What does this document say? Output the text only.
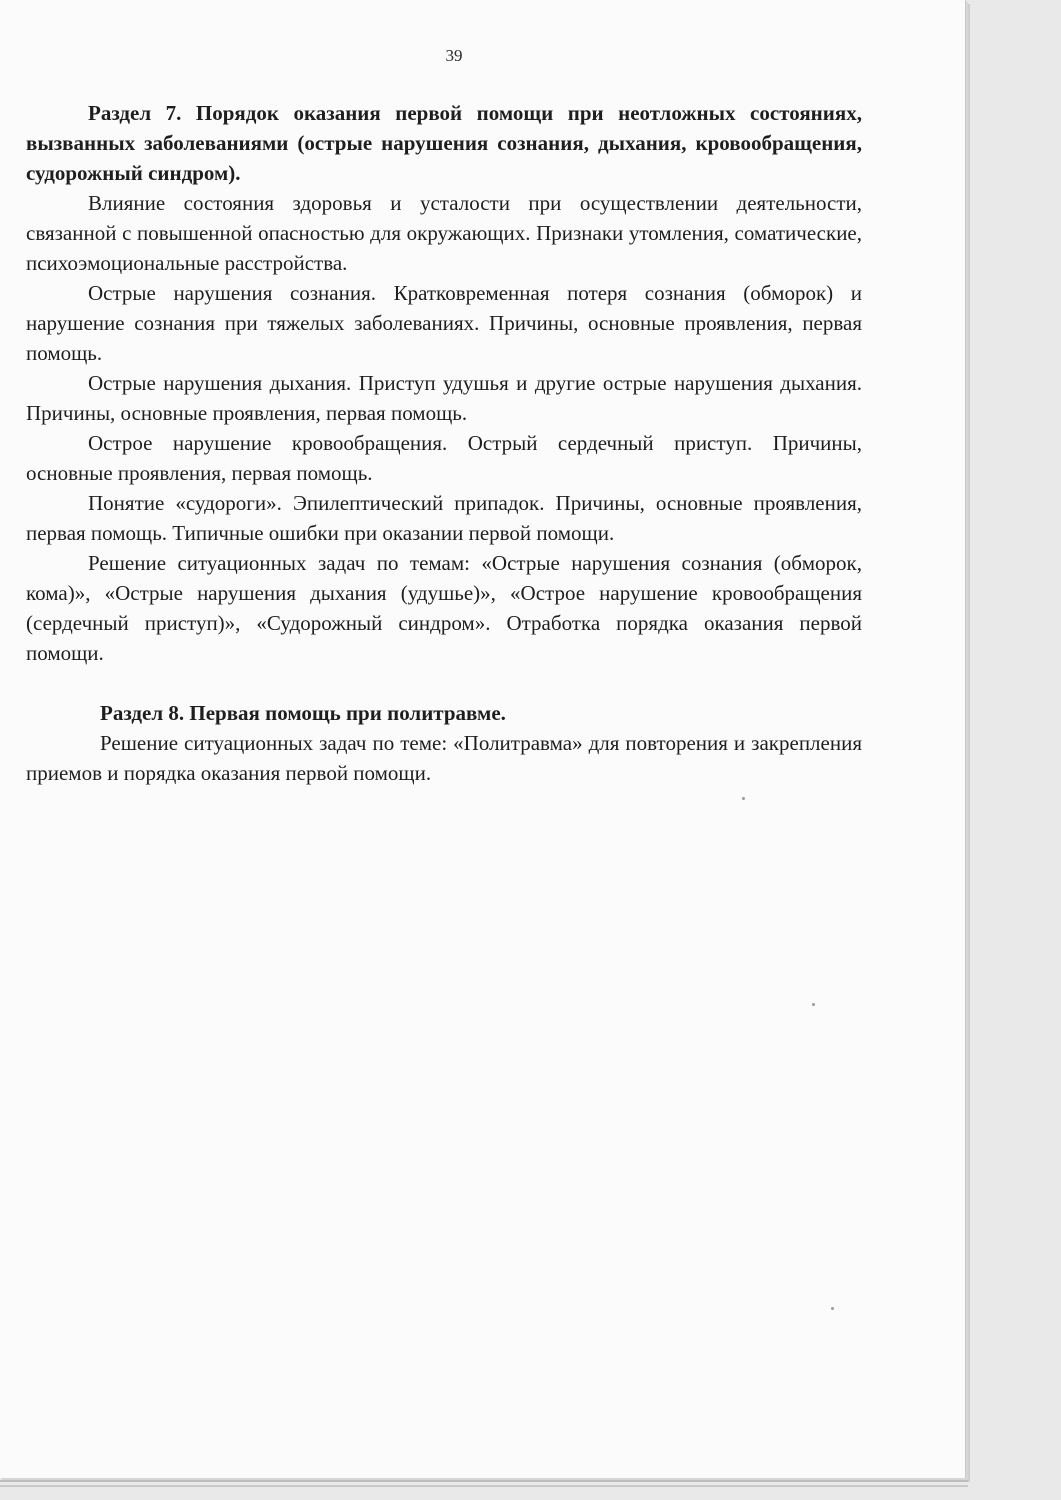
39

Раздел 7. Порядок оказания первой помощи при неотложных состояниях, вызванных заболеваниями (острые нарушения сознания, дыхания, кровообращения, судорожный синдром).

Влияние состояния здоровья и усталости при осуществлении деятельности, связанной с повышенной опасностью для окружающих. Признаки утомления, соматические, психоэмоциональные расстройства.

Острые нарушения сознания. Кратковременная потеря сознания (обморок) и нарушение сознания при тяжелых заболеваниях. Причины, основные проявления, первая помощь.

Острые нарушения дыхания. Приступ удушья и другие острые нарушения дыхания. Причины, основные проявления, первая помощь.

Острое нарушение кровообращения. Острый сердечный приступ. Причины, основные проявления, первая помощь.

Понятие «судороги». Эпилептический припадок. Причины, основные проявления, первая помощь. Типичные ошибки при оказании первой помощи.

Решение ситуационных задач по темам: «Острые нарушения сознания (обморок, кома)», «Острые нарушения дыхания (удушье)», «Острое нарушение кровообращения (сердечный приступ)», «Судорожный синдром». Отработка порядка оказания первой помощи.

Раздел 8. Первая помощь при политравме.

Решение ситуационных задач по теме: «Политравма» для повторения и закрепления приемов и порядка оказания первой помощи.
